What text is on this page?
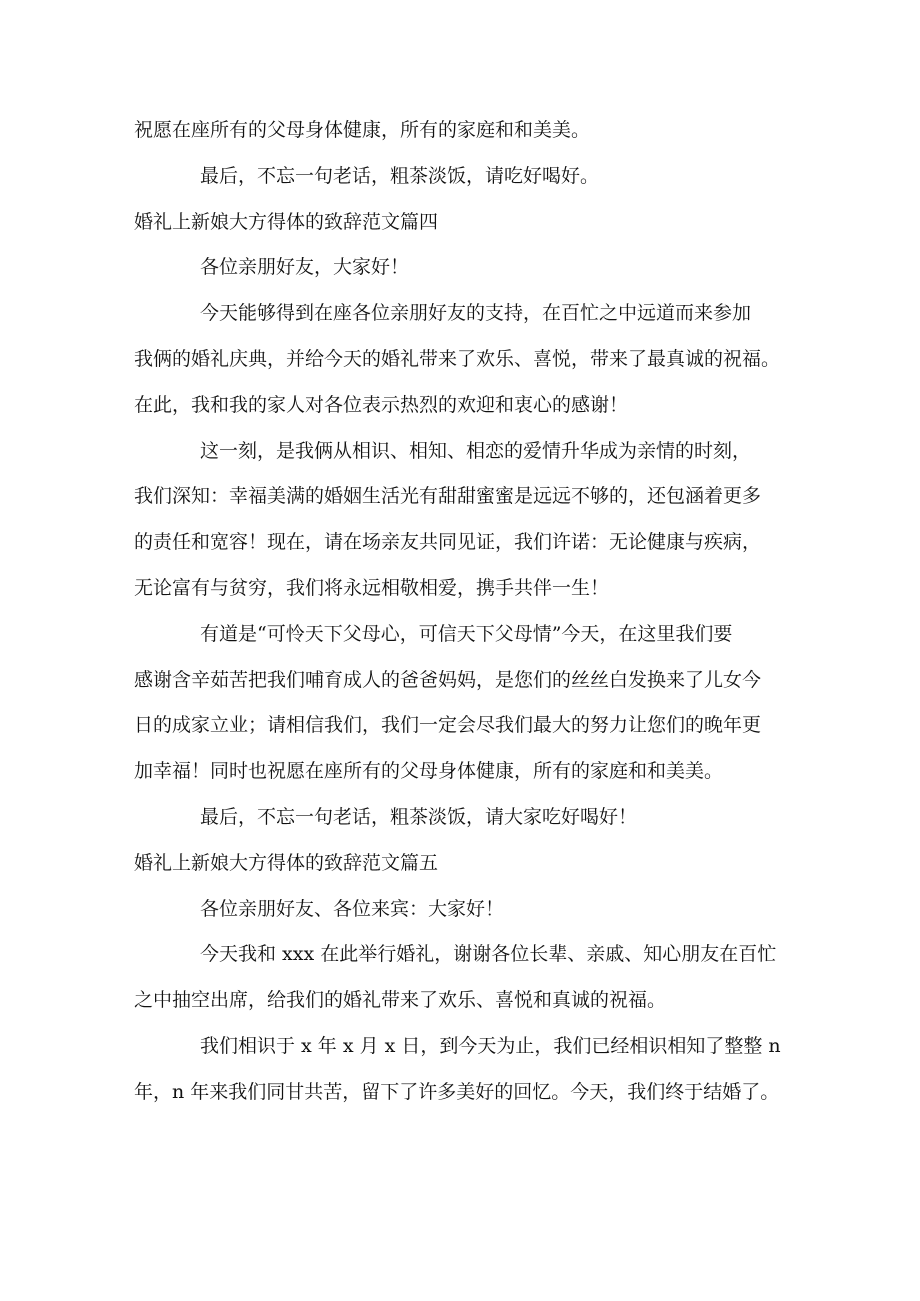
祝愿在座所有的父母身体健康，所有的家庭和和美美。
最后，不忘一句老话，粗茶淡饭，请吃好喝好。
婚礼上新娘大方得体的致辞范文篇四
各位亲朋好友，大家好！
今天能够得到在座各位亲朋好友的支持，在百忙之中远道而来参加
我俩的婚礼庆典，并给今天的婚礼带来了欢乐、喜悦，带来了最真诚的祝福。
在此，我和我的家人对各位表示热烈的欢迎和衷心的感谢！
这一刻，是我俩从相识、相知、相恋的爱情升华成为亲情的时刻，
我们深知：幸福美满的婚姻生活光有甜甜蜜蜜是远远不够的，还包涵着更多
的责任和宽容！现在，请在场亲友共同见证，我们许诺：无论健康与疾病，
无论富有与贫穷，我们将永远相敬相爱，携手共伴一生！
有道是“可怜天下父母心，可信天下父母情”今天，在这里我们要
感谢含辛茹苦把我们哺育成人的爸爸妈妈，是您们的丝丝白发换来了儿女今
日的成家立业；请相信我们，我们一定会尽我们最大的努力让您们的晚年更
加幸福！同时也祝愿在座所有的父母身体健康，所有的家庭和和美美。
最后，不忘一句老话，粗茶淡饭，请大家吃好喝好！
婚礼上新娘大方得体的致辞范文篇五
各位亲朋好友、各位来宾：大家好！
今天我和 xxx 在此举行婚礼，谢谢各位长辈、亲戚、知心朋友在百忙
之中抽空出席，给我们的婚礼带来了欢乐、喜悦和真诚的祝福。
我们相识于 x 年 x 月 x 日，到今天为止，我们已经相识相知了整整 n
年，n 年来我们同甘共苦，留下了许多美好的回忆。今天，我们终于结婚了。
